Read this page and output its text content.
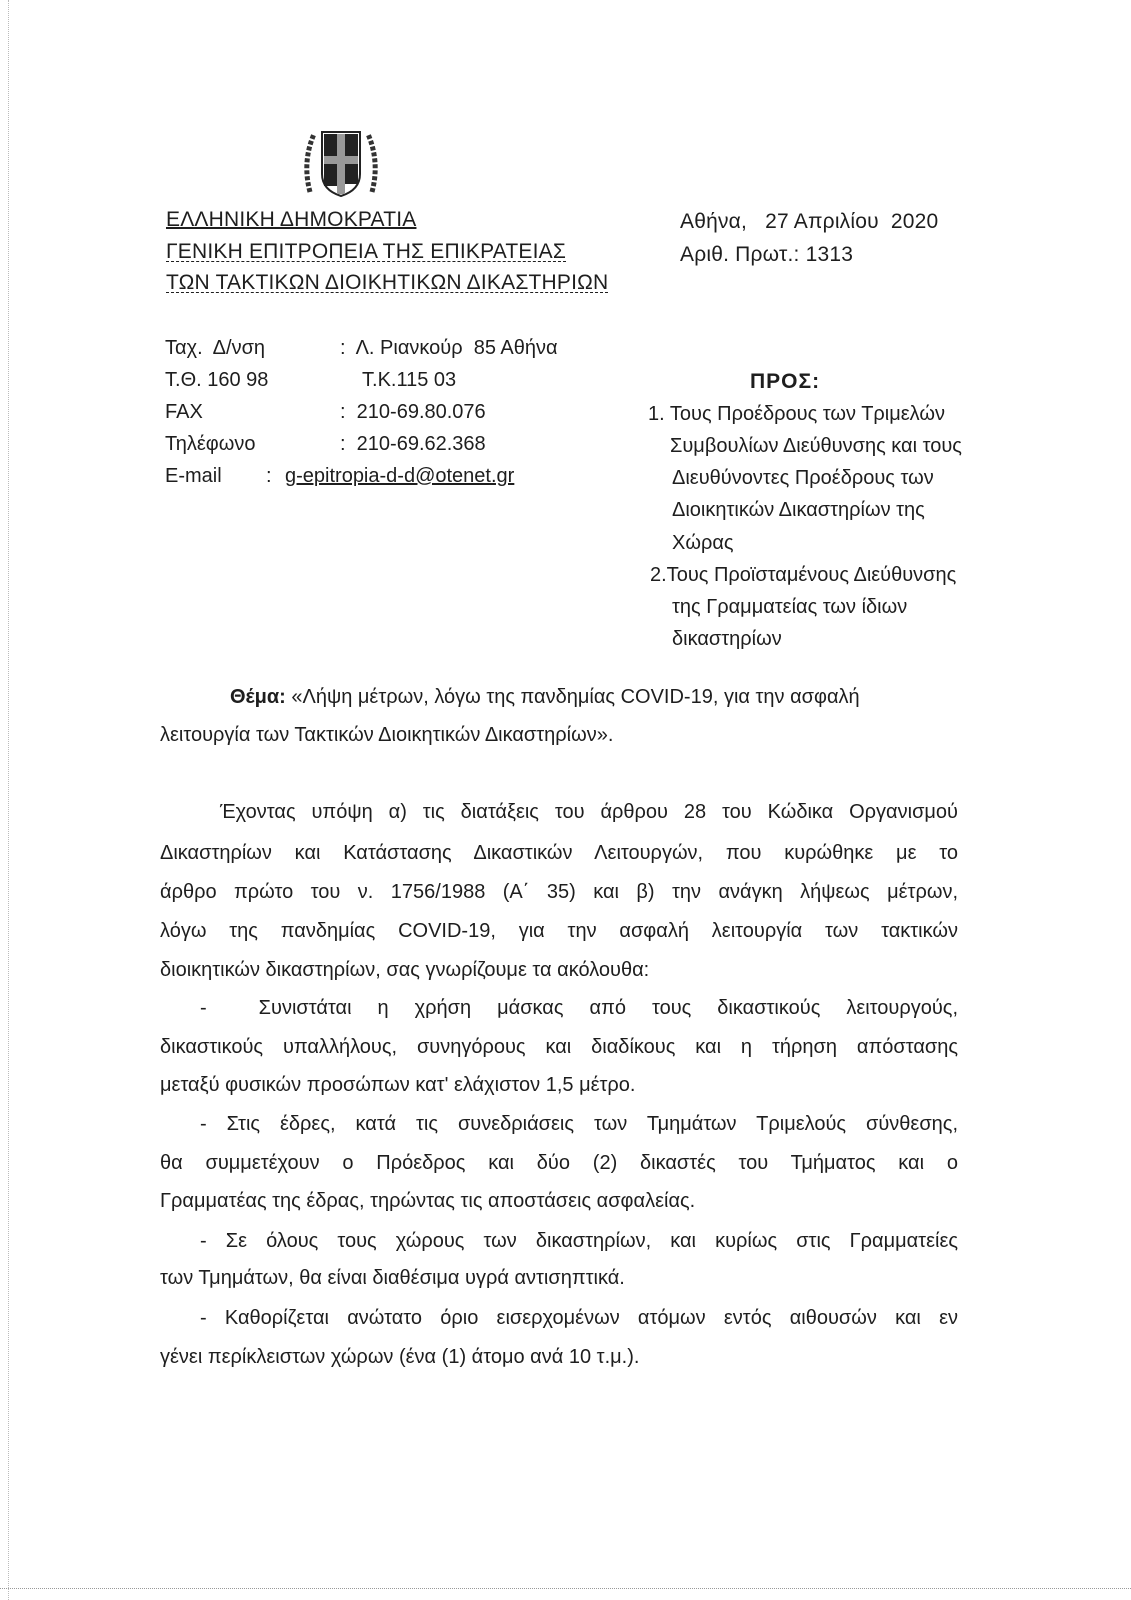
ΕΛΛΗΝΙΚΗ ΔΗΜΟΚΡΑΤΙΑ
ΓΕΝΙΚΗ ΕΠΙΤΡΟΠΕΙΑ ΤΗΣ ΕΠΙΚΡΑΤΕΙΑΣ
ΤΩΝ ΤΑΚΤΙΚΩΝ ΔΙΟΙΚΗΤΙΚΩΝ ΔΙΚΑΣΤΗΡΙΩΝ
Αθήνα,   27 Απριλίου  2020
Αριθ. Πρωτ.: 1313
Ταχ.  Δ/νση	:  Λ. Ριανκούρ  85 Αθήνα
Τ.Θ. 160 98	Τ.Κ.115 03
FAX	:  210-69.80.076
Τηλέφωνο	:  210-69.62.368
E-mail : g-epitropia-d-d@otenet.gr
ΠΡΟΣ:
1. Τους Προέδρους των Τριμελών
Συμβουλίων Διεύθυνσης και τους
Διευθύνοντες Προέδρους των
Διοικητικών Δικαστηρίων της
Χώρας
2.Τους Προϊσταμένους Διεύθυνσης
της Γραμματείας των ίδιων
δικαστηρίων
Θέμα: «Λήψη μέτρων, λόγω της πανδημίας COVID-19, για την ασφαλή
λειτουργία των Τακτικών Διοικητικών Δικαστηρίων».
Έχοντας υπόψη α) τις διατάξεις του άρθρου 28 του Κώδικα Οργανισμού
Δικαστηρίων και Κατάστασης Δικαστικών Λειτουργών, που κυρώθηκε με το
άρθρο πρώτο του ν. 1756/1988 (Α΄ 35) και β) την ανάγκη λήψεως μέτρων,
λόγω της πανδημίας COVID-19, για την ασφαλή λειτουργία των τακτικών
διοικητικών δικαστηρίων, σας γνωρίζουμε τα ακόλουθα:
-  Συνιστάται η χρήση μάσκας από τους δικαστικούς λειτουργούς,
δικαστικούς υπαλλήλους, συνηγόρους και διαδίκους και η τήρηση απόστασης
μεταξύ φυσικών προσώπων κατ' ελάχιστον 1,5 μέτρο.
- Στις έδρες, κατά τις συνεδριάσεις των Τμημάτων Τριμελούς σύνθεσης,
θα συμμετέχουν ο Πρόεδρος και δύο (2) δικαστές του Τμήματος και ο
Γραμματέας της έδρας, τηρώντας τις αποστάσεις ασφαλείας.
- Σε όλους τους χώρους των δικαστηρίων, και κυρίως στις Γραμματείες
των Τμημάτων, θα είναι διαθέσιμα υγρά αντισηπτικά.
- Καθορίζεται ανώτατο όριο εισερχομένων ατόμων εντός αιθουσών και εν
γένει περίκλειστων χώρων (ένα (1) άτομο ανά 10 τ.μ.).
